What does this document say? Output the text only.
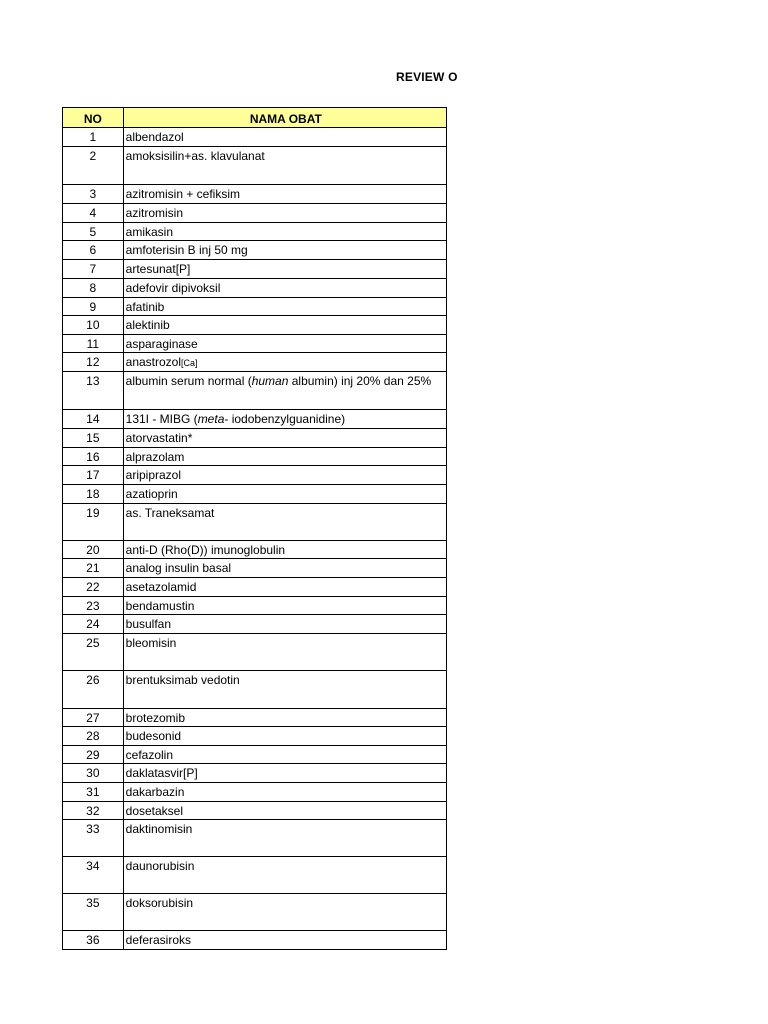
REVIEW O
NO	NAMA OBAT
1	albendazol
2	amoksisilin+as. klavulanat
3	azitromisin + cefiksim
4	azitromisin
5	amikasin
6	amfoterisin B inj 50 mg
7	artesunat[P]
8	adefovir dipivoksil
9	afatinib
10	alektinib
11	asparaginase
12	anastrozol[Ca]
13	albumin serum normal (human albumin) inj 20% dan 25%
14	131I - MIBG (meta- iodobenzylguanidine)
15	atorvastatin*
16	alprazolam
17	aripiprazol
18	azatioprin
19	as. Traneksamat
20	anti-D (Rho(D)) imunoglobulin
21	analog insulin basal
22	asetazolamid
23	bendamustin
24	busulfan
25	bleomisin
26	brentuksimab vedotin
27	brotezomib
28	budesonid
29	cefazolin
30	daklatasvir[P]
31	dakarbazin
32	dosetaksel
33	daktinomisin
34	daunorubisin
35	doksorubisin
36	deferasiroks
